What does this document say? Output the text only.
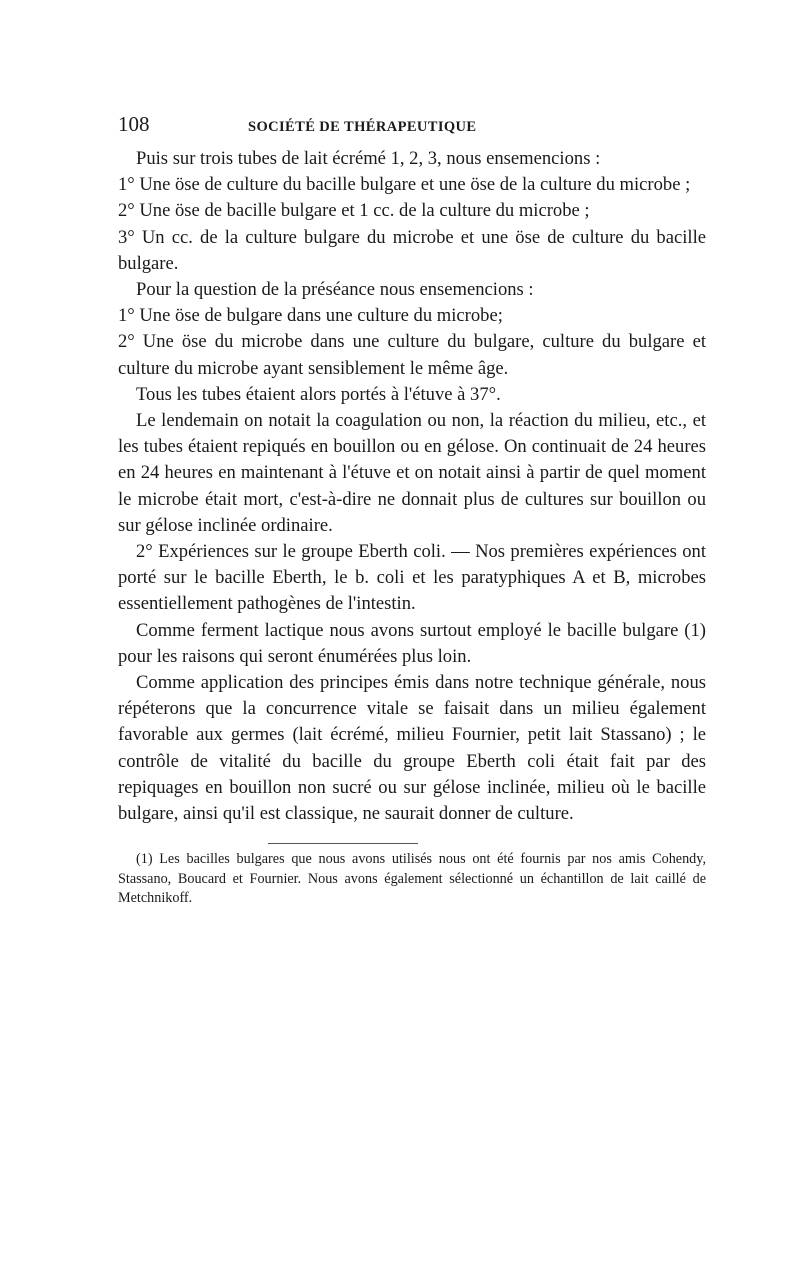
108	SOCIÉTÉ DE THÉRAPEUTIQUE

Puis sur trois tubes de lait écrémé 1, 2, 3, nous ensemencions :

1° Une öse de culture du bacille bulgare et une öse de la culture du microbe ;

2° Une öse de bacille bulgare et 1 cc. de la culture du microbe ;

3° Un cc. de la culture bulgare du microbe et une öse de culture du bacille bulgare.

Pour la question de la préséance nous ensemencions :

1° Une öse de bulgare dans une culture du microbe;

2° Une öse du microbe dans une culture du bulgare, culture du bulgare et culture du microbe ayant sensiblement le même âge.

Tous les tubes étaient alors portés à l'étuve à 37°.

Le lendemain on notait la coagulation ou non, la réaction du milieu, etc., et les tubes étaient repiqués en bouillon ou en gélose. On continuait de 24 heures en 24 heures en maintenant à l'étuve et on notait ainsi à partir de quel moment le microbe était mort, c'est-à-dire ne donnait plus de cultures sur bouillon ou sur gélose inclinée ordinaire.

2° Expériences sur le groupe Eberth coli. — Nos premières expériences ont porté sur le bacille Eberth, le b. coli et les paratyphiques A et B, microbes essentiellement pathogènes de l'intestin.

Comme ferment lactique nous avons surtout employé le bacille bulgare (1) pour les raisons qui seront énumérées plus loin.

Comme application des principes émis dans notre technique générale, nous répéterons que la concurrence vitale se faisait dans un milieu également favorable aux germes (lait écrémé, milieu Fournier, petit lait Stassano) ; le contrôle de vitalité du bacille du groupe Eberth coli était fait par des repiquages en bouillon non sucré ou sur gélose inclinée, milieu où le bacille bulgare, ainsi qu'il est classique, ne saurait donner de culture.

(1) Les bacilles bulgares que nous avons utilisés nous ont été fournis par nos amis Cohendy, Stassano, Boucard et Fournier. Nous avons également sélectionné un échantillon de lait caillé de Metchnikoff.
